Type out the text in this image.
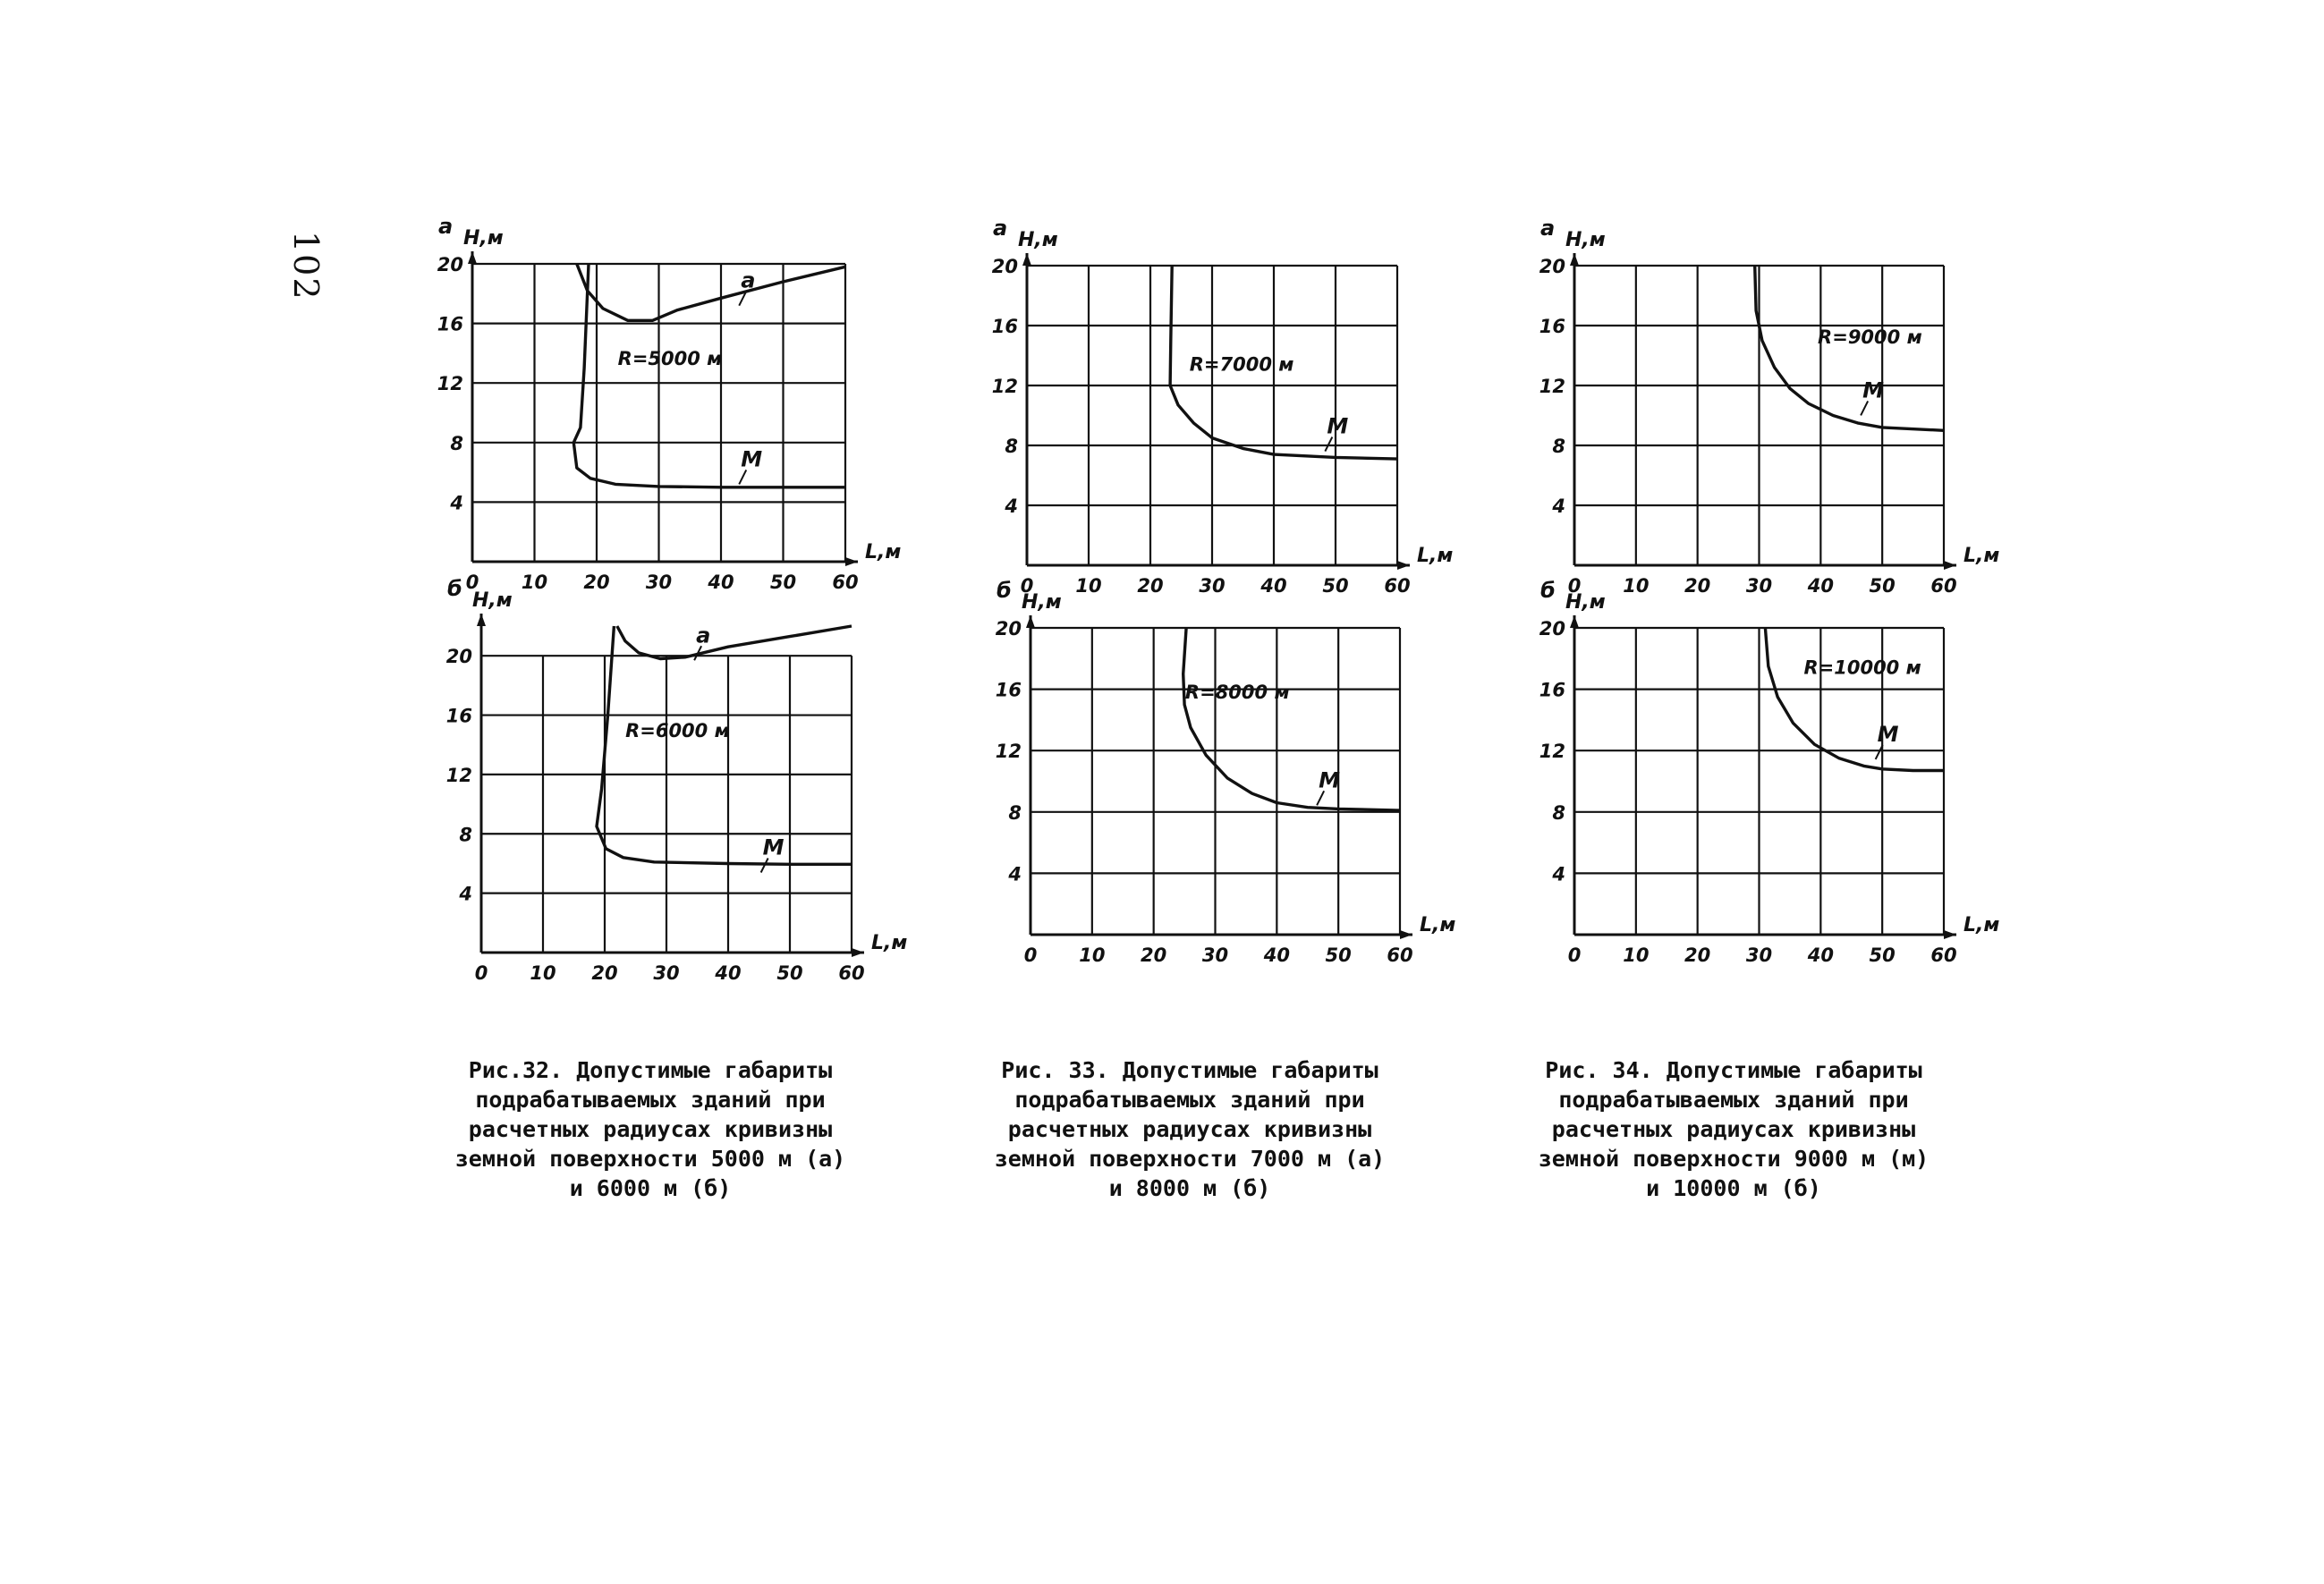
102
0 10 20 30 40 50 60
4
8
12
16
20
L,м
Н,м
а
а
М
R=5000 м
0 10 20 30 40 50 60
4
8
12
16
20
L,м
Н,м
б
а
М
R=6000 м
0 10 20 30 40 50 60
4
8
12
16
20
L,м
Н,м
а
М
R=7000 м
0 10 20 30 40 50 60
4
8
12
16
20
L,м
Н,м
б
М
R=8000 м
0 10 20 30 40 50 60
4
8
12
16
20
L,м
Н,м
а
М
R=9000 м
0 10 20 30 40 50 60
4
8
12
16
20
L,м
Н,м
б
М
R=10000 м
Рис.32. Допустимые габариты
подрабатываемых зданий при
расчетных радиусах кривизны
земной поверхности 5000 м (а)
и 6000 м (б)
Рис. 33. Допустимые габариты
подрабатываемых зданий при
расчетных радиусах кривизны
земной поверхности 7000 м (а)
и 8000 м (б)
Рис. 34. Допустимые габариты
подрабатываемых зданий при
расчетных радиусах кривизны
земной поверхности 9000 м (м)
и 10000 м (б)
